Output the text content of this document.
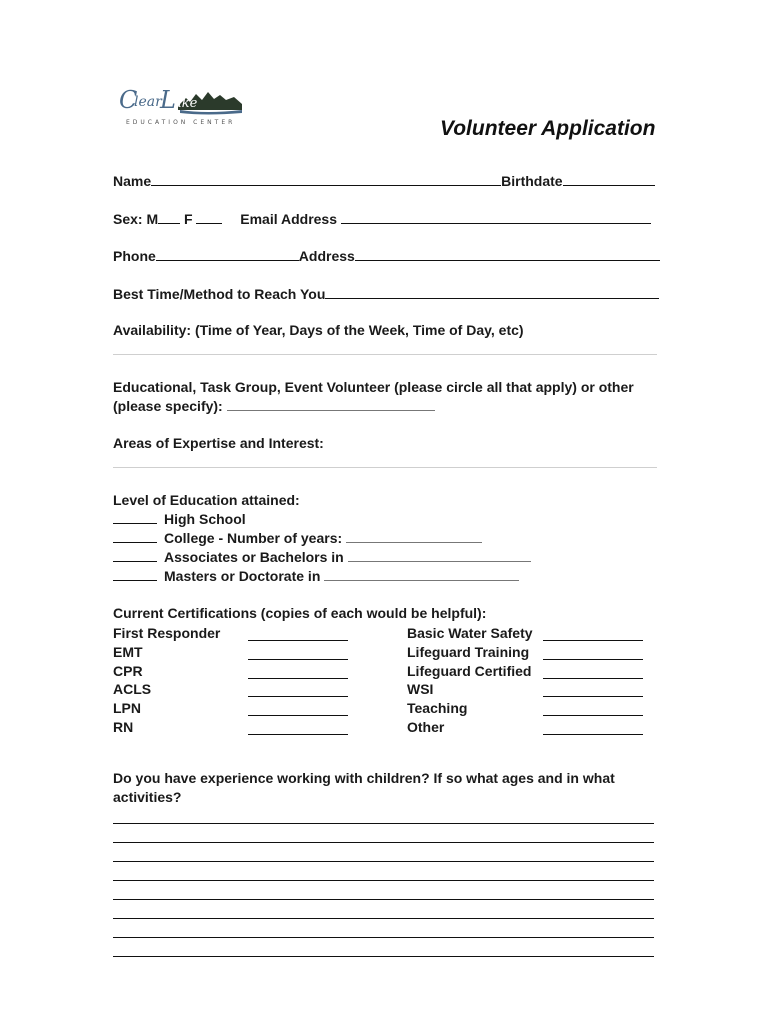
C
lear
L
ake
EDUCATION CENTER	Volunteer Application
Name	Birthdate
Sex: M F	Email Address
Phone	Address
Best Time/Method to Reach You
Availability: (Time of Year, Days of the Week, Time of Day, etc)
Educational, Task Group, Event Volunteer (please circle all that apply) or other
(please specify):
Areas of Expertise and Interest:
Level of Education attained:
High School
College - Number of years:
Associates or Bachelors in
Masters or Doctorate in
Current Certifications (copies of each would be helpful):
First Responder	Basic Water Safety
EMT	Lifeguard Training
CPR	Lifeguard Certified
ACLS	WSI
LPN	Teaching
RN	Other
Do you have experience working with children? If so what ages and in what
activities?
